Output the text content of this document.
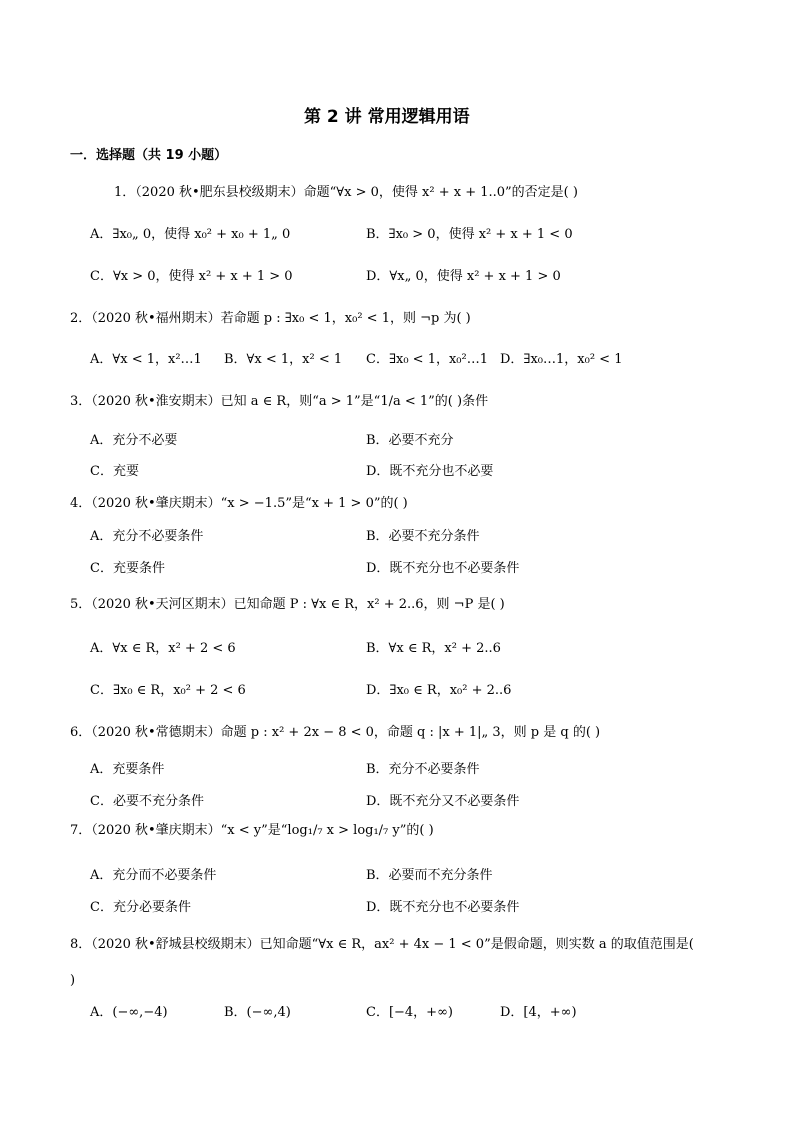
第 2 讲 常用逻辑用语
一．选择题（共 19 小题）
1．（2020 秋•肥东县校级期末）命题“∀x > 0，使得 x² + x + 1..0”的否定是( )
A．∃x₀„ 0，使得 x₀² + x₀ + 1„ 0	B．∃x₀ > 0，使得 x² + x + 1 < 0
C．∀x > 0，使得 x² + x + 1 > 0	D．∀x„ 0，使得 x² + x + 1 > 0
2．（2020 秋•福州期末）若命题 p : ∃x₀ < 1，x₀² < 1，则 ¬p 为( )
A．∀x < 1，x²…1 B．∀x < 1，x² < 1 C．∃x₀ < 1，x₀²…1 D．∃x₀…1，x₀² < 1
3．（2020 秋•淮安期末）已知 a ∈ R，则“a > 1”是“1/a < 1”的( )条件
A．充分不必要	B．必要不充分
C．充要	D．既不充分也不必要
4．（2020 秋•肇庆期末）“x > −1.5”是“x + 1 > 0”的( )
A．充分不必要条件	B．必要不充分条件
C．充要条件	D．既不充分也不必要条件
5．（2020 秋•天河区期末）已知命题 P : ∀x ∈ R，x² + 2..6，则 ¬P 是( )
A．∀x ∈ R，x² + 2 < 6	B．∀x ∈ R，x² + 2..6
C．∃x₀ ∈ R，x₀² + 2 < 6	D．∃x₀ ∈ R，x₀² + 2..6
6．（2020 秋•常德期末）命题 p : x² + 2x − 8 < 0，命题 q : |x + 1|„ 3，则 p 是 q 的( )
A．充要条件	B．充分不必要条件
C．必要不充分条件	D．既不充分又不必要条件
7．（2020 秋•肇庆期末）“x < y”是“log₁/₇ x > log₁/₇ y”的( )
A．充分而不必要条件	B．必要而不充分条件
C．充分必要条件	D．既不充分也不必要条件
8．（2020 秋•舒城县校级期末）已知命题“∀x ∈ R，ax² + 4x − 1 < 0”是假命题，则实数 a 的取值范围是(
)
A．(−∞,−4)	B．(−∞,4)	C．[−4，+∞)	D．[4，+∞)
